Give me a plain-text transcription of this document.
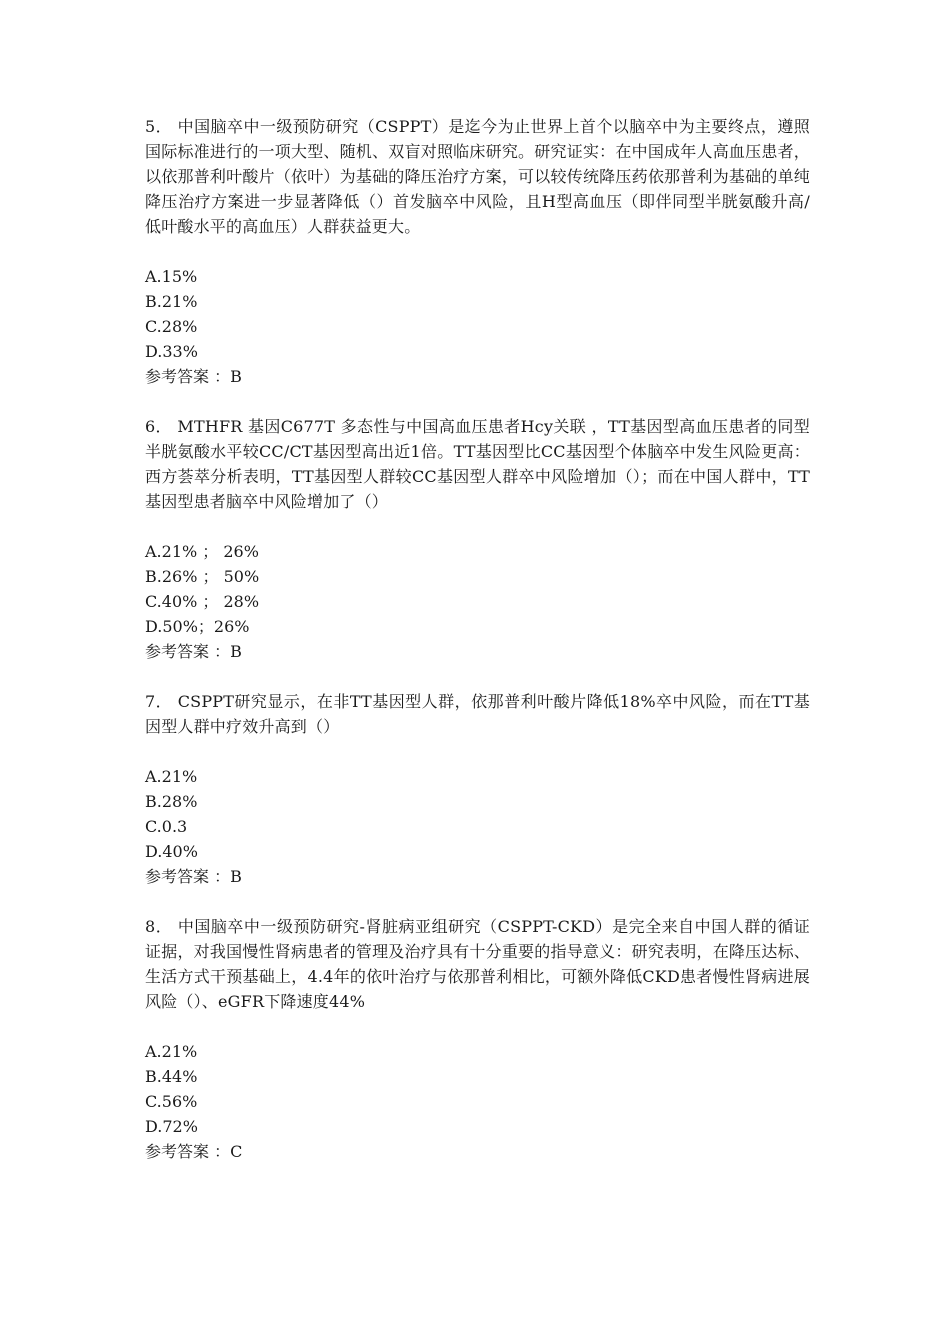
5． 中国脑卒中一级预防研究（CSPPT）是迄今为止世界上首个以脑卒中为主要终点，遵照国际标准进行的一项大型、随机、双盲对照临床研究。研究证实：在中国成年人高血压患者，以依那普利叶酸片（依叶）为基础的降压治疗方案，可以较传统降压药依那普利为基础的单纯降压治疗方案进一步显著降低（）首发脑卒中风险，且H型高血压（即伴同型半胱氨酸升高/低叶酸水平的高血压）人群获益更大。

A.15%
B.21%
C.28%
D.33%

参考答案 ：B

6． MTHFR 基因C677T 多态性与中国高血压患者Hcy关联 ，TT基因型高血压患者的同型半胱氨酸水平较CC/CT基因型高出近1倍。TT基因型比CC基因型个体脑卒中发生风险更高：西方荟萃分析表明，TT基因型人群较CC基因型人群卒中风险增加（）；而在中国人群中，TT基因型患者脑卒中风险增加了（）

A.21% ； 26%
B.26% ； 50%
C.40% ； 28%
D.50%；26%

参考答案 ：B

7． CSPPT研究显示，在非TT基因型人群，依那普利叶酸片降低18%卒中风险，而在TT基因型人群中疗效升高到（）

A.21%
B.28%
C.0.3
D.40%

参考答案 ：B

8． 中国脑卒中一级预防研究-肾脏病亚组研究（CSPPT-CKD）是完全来自中国人群的循证证据，对我国慢性肾病患者的管理及治疗具有十分重要的指导意义：研究表明，在降压达标、生活方式干预基础上，4.4年的依叶治疗与依那普利相比，可额外降低CKD患者慢性肾病进展风险（）、eGFR下降速度44%

A.21%
B.44%
C.56%
D.72%

参考答案 ：C
